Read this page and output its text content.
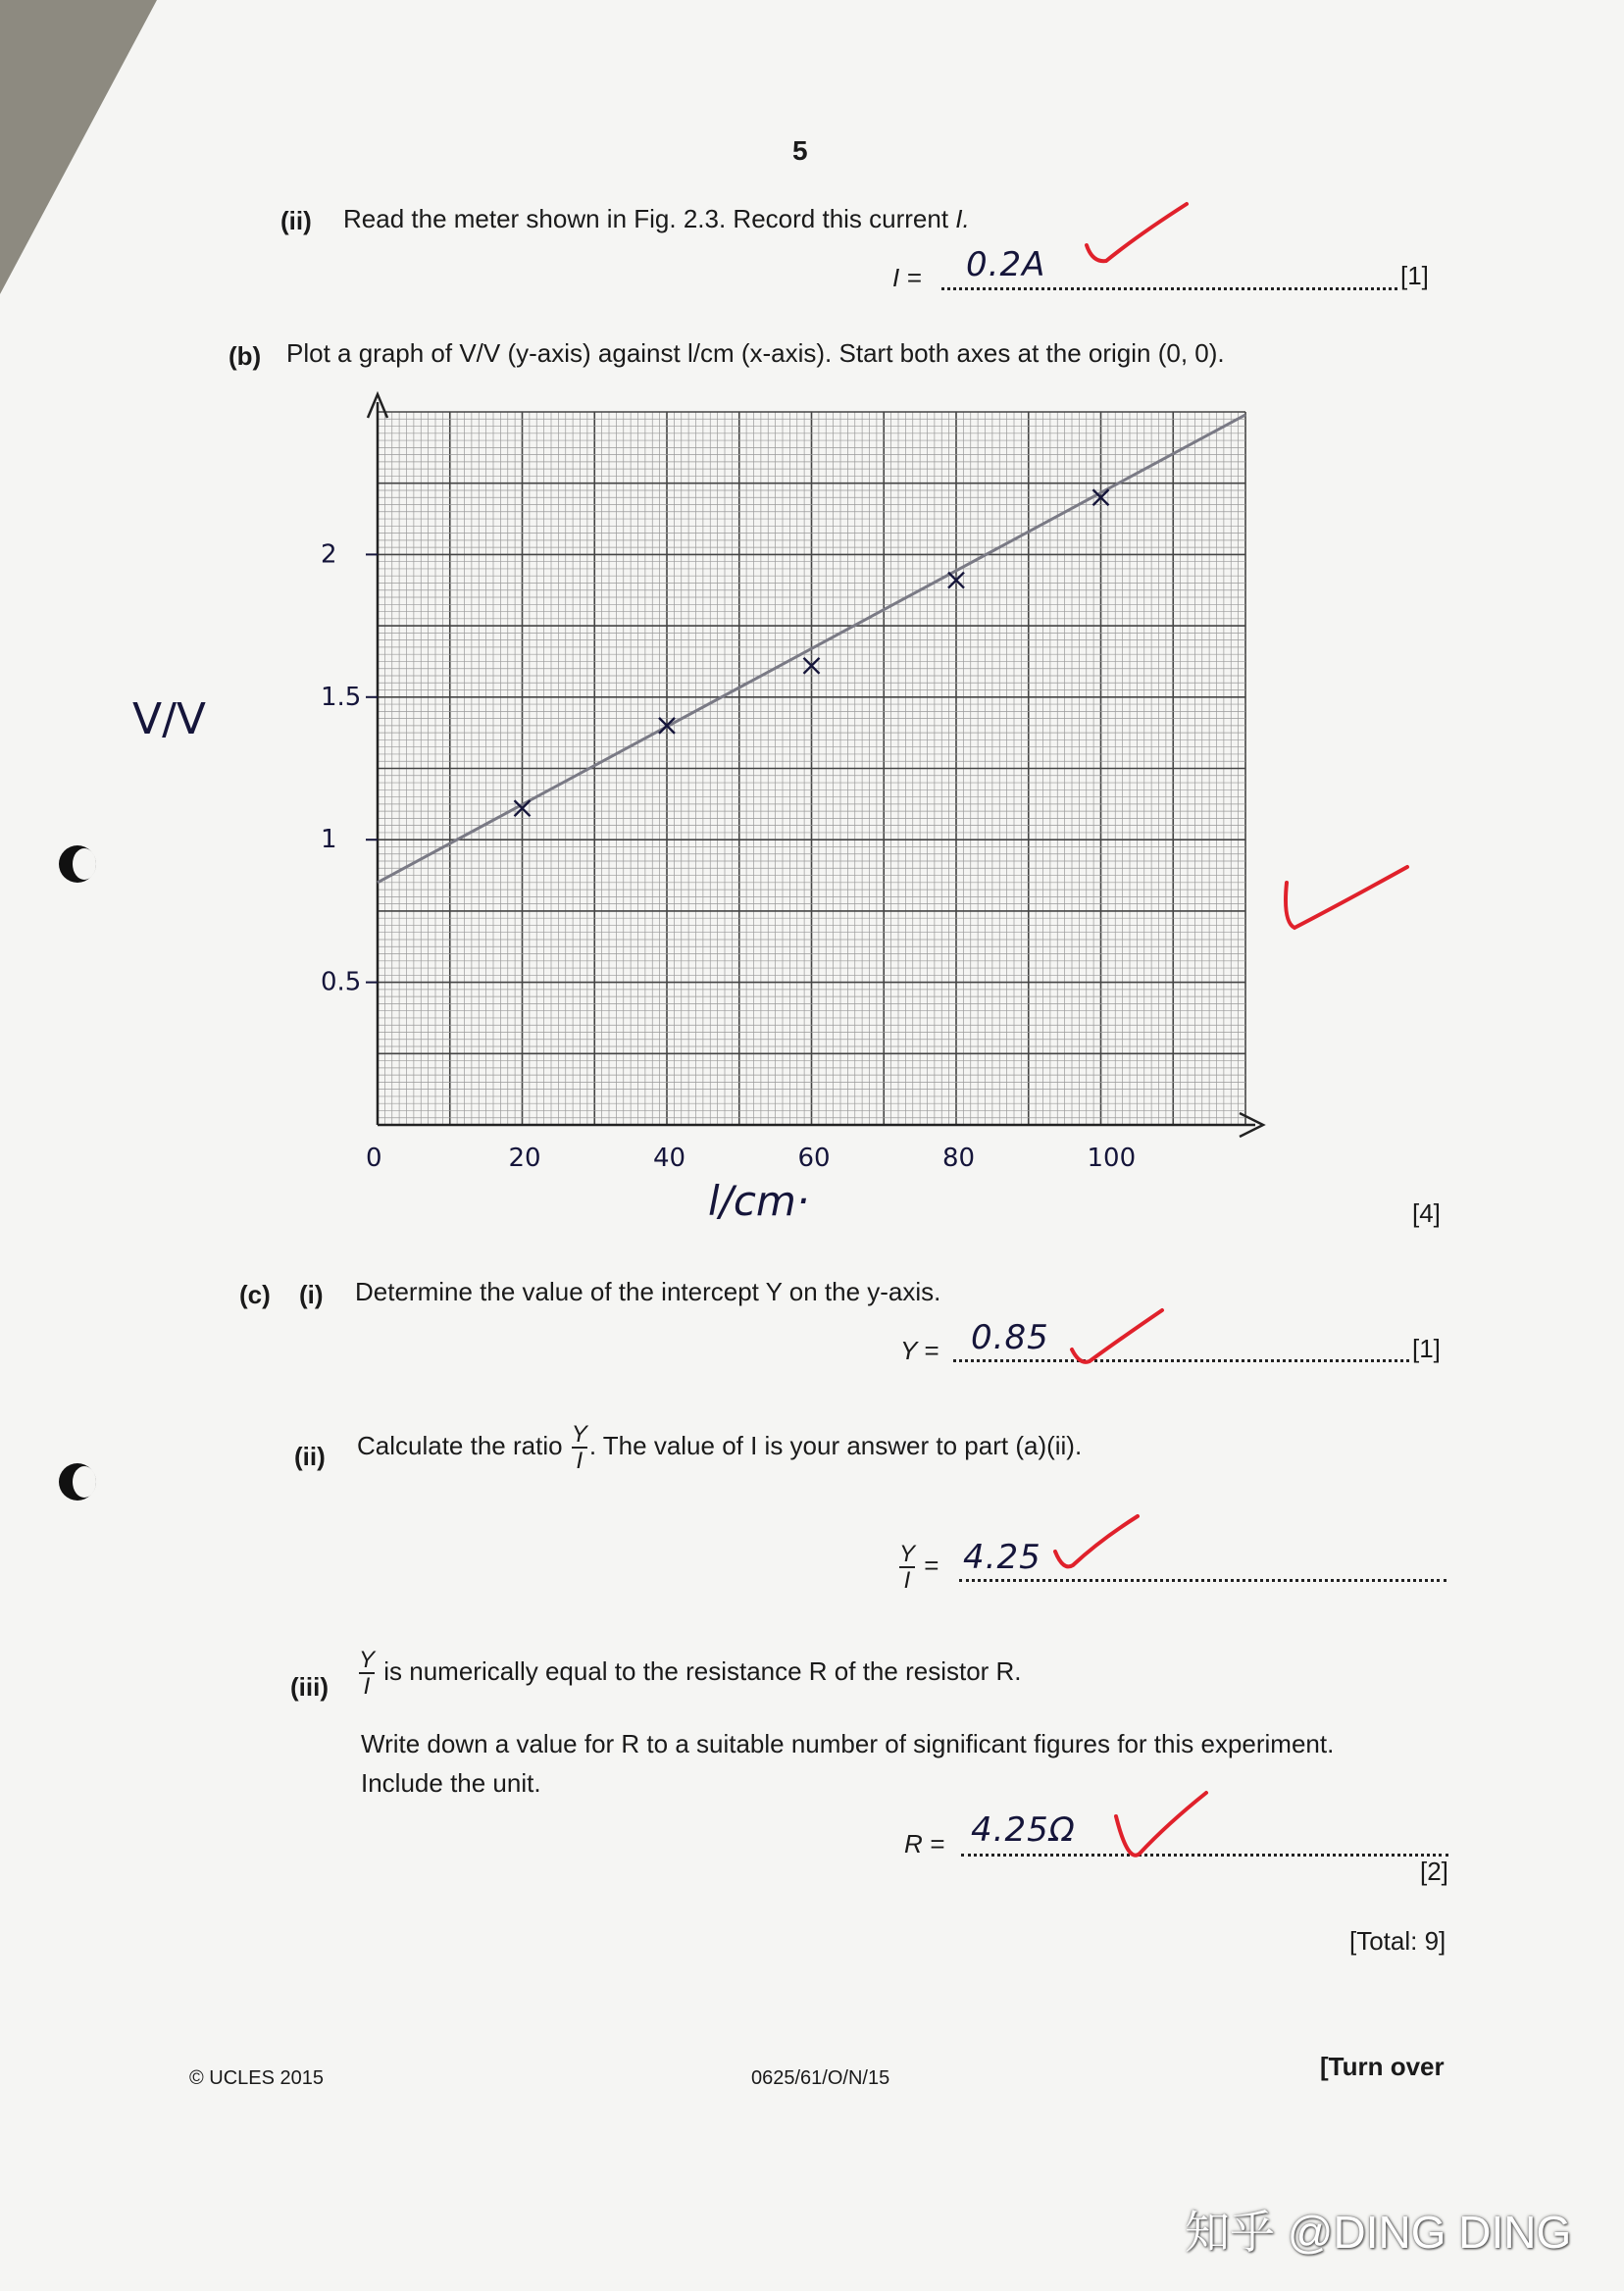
5
(ii) Read the meter shown in Fig. 2.3. Record this current I.
I = 0.2A	[1]
(b) Plot a graph of V/V (y-axis) against l/cm (x-axis). Start both axes at the origin (0, 0).
0	20	40	60	80	100
0.5
1.5
1
2
V/V
l/cm·	[4]
(c) (i) Determine the value of the intercept Y on the y-axis.
Y = 0.85	[1]
(ii) Calculate the ratio $\frac{Y}{I}$ . The value of I is your answer to part (a)(ii).
$\frac{Y}{I} = 4.25$
$(iii) \frac{Y}{I}$ is numerically equal to the resistance R of the resistor R.
Write down a value for R to a suitable number of significant figures for this experiment.
Include the unit.
R = 4.25Ω
[2]
[Total: 9]
© UCLES 2015	0625/61/O/N/15	[Turn over
知乎 @DING DING
